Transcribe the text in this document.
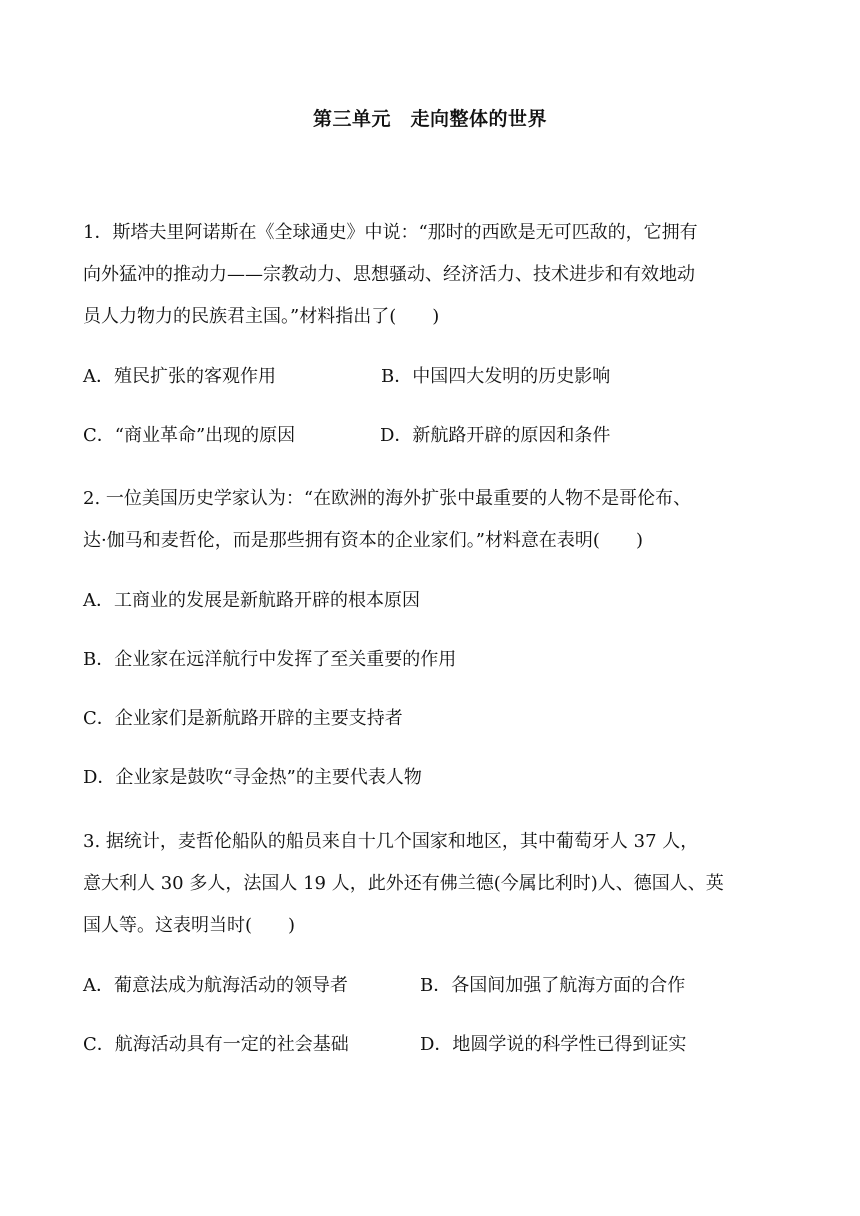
第三单元　走向整体的世界
1．斯塔夫里阿诺斯在《全球通史》中说：“那时的西欧是无可匹敌的，它拥有
向外猛冲的推动力——宗教动力、思想骚动、经济活力、技术进步和有效地动
员人力物力的民族君主国。”材料指出了(　　)
A．殖民扩张的客观作用	B．中国四大发明的历史影响
C．“商业革命”出现的原因	D．新航路开辟的原因和条件
2. 一位美国历史学家认为：“在欧洲的海外扩张中最重要的人物不是哥伦布、
达·伽马和麦哲伦，而是那些拥有资本的企业家们。”材料意在表明(　　)
A．工商业的发展是新航路开辟的根本原因
B．企业家在远洋航行中发挥了至关重要的作用
C．企业家们是新航路开辟的主要支持者
D．企业家是鼓吹“寻金热”的主要代表人物
3. 据统计，麦哲伦船队的船员来自十几个国家和地区，其中葡萄牙人 37 人，
意大利人 30 多人，法国人 19 人，此外还有佛兰德(今属比利时)人、德国人、英
国人等。这表明当时(　　)
A．葡意法成为航海活动的领导者	B．各国间加强了航海方面的合作
C．航海活动具有一定的社会基础	D．地圆学说的科学性已得到证实
